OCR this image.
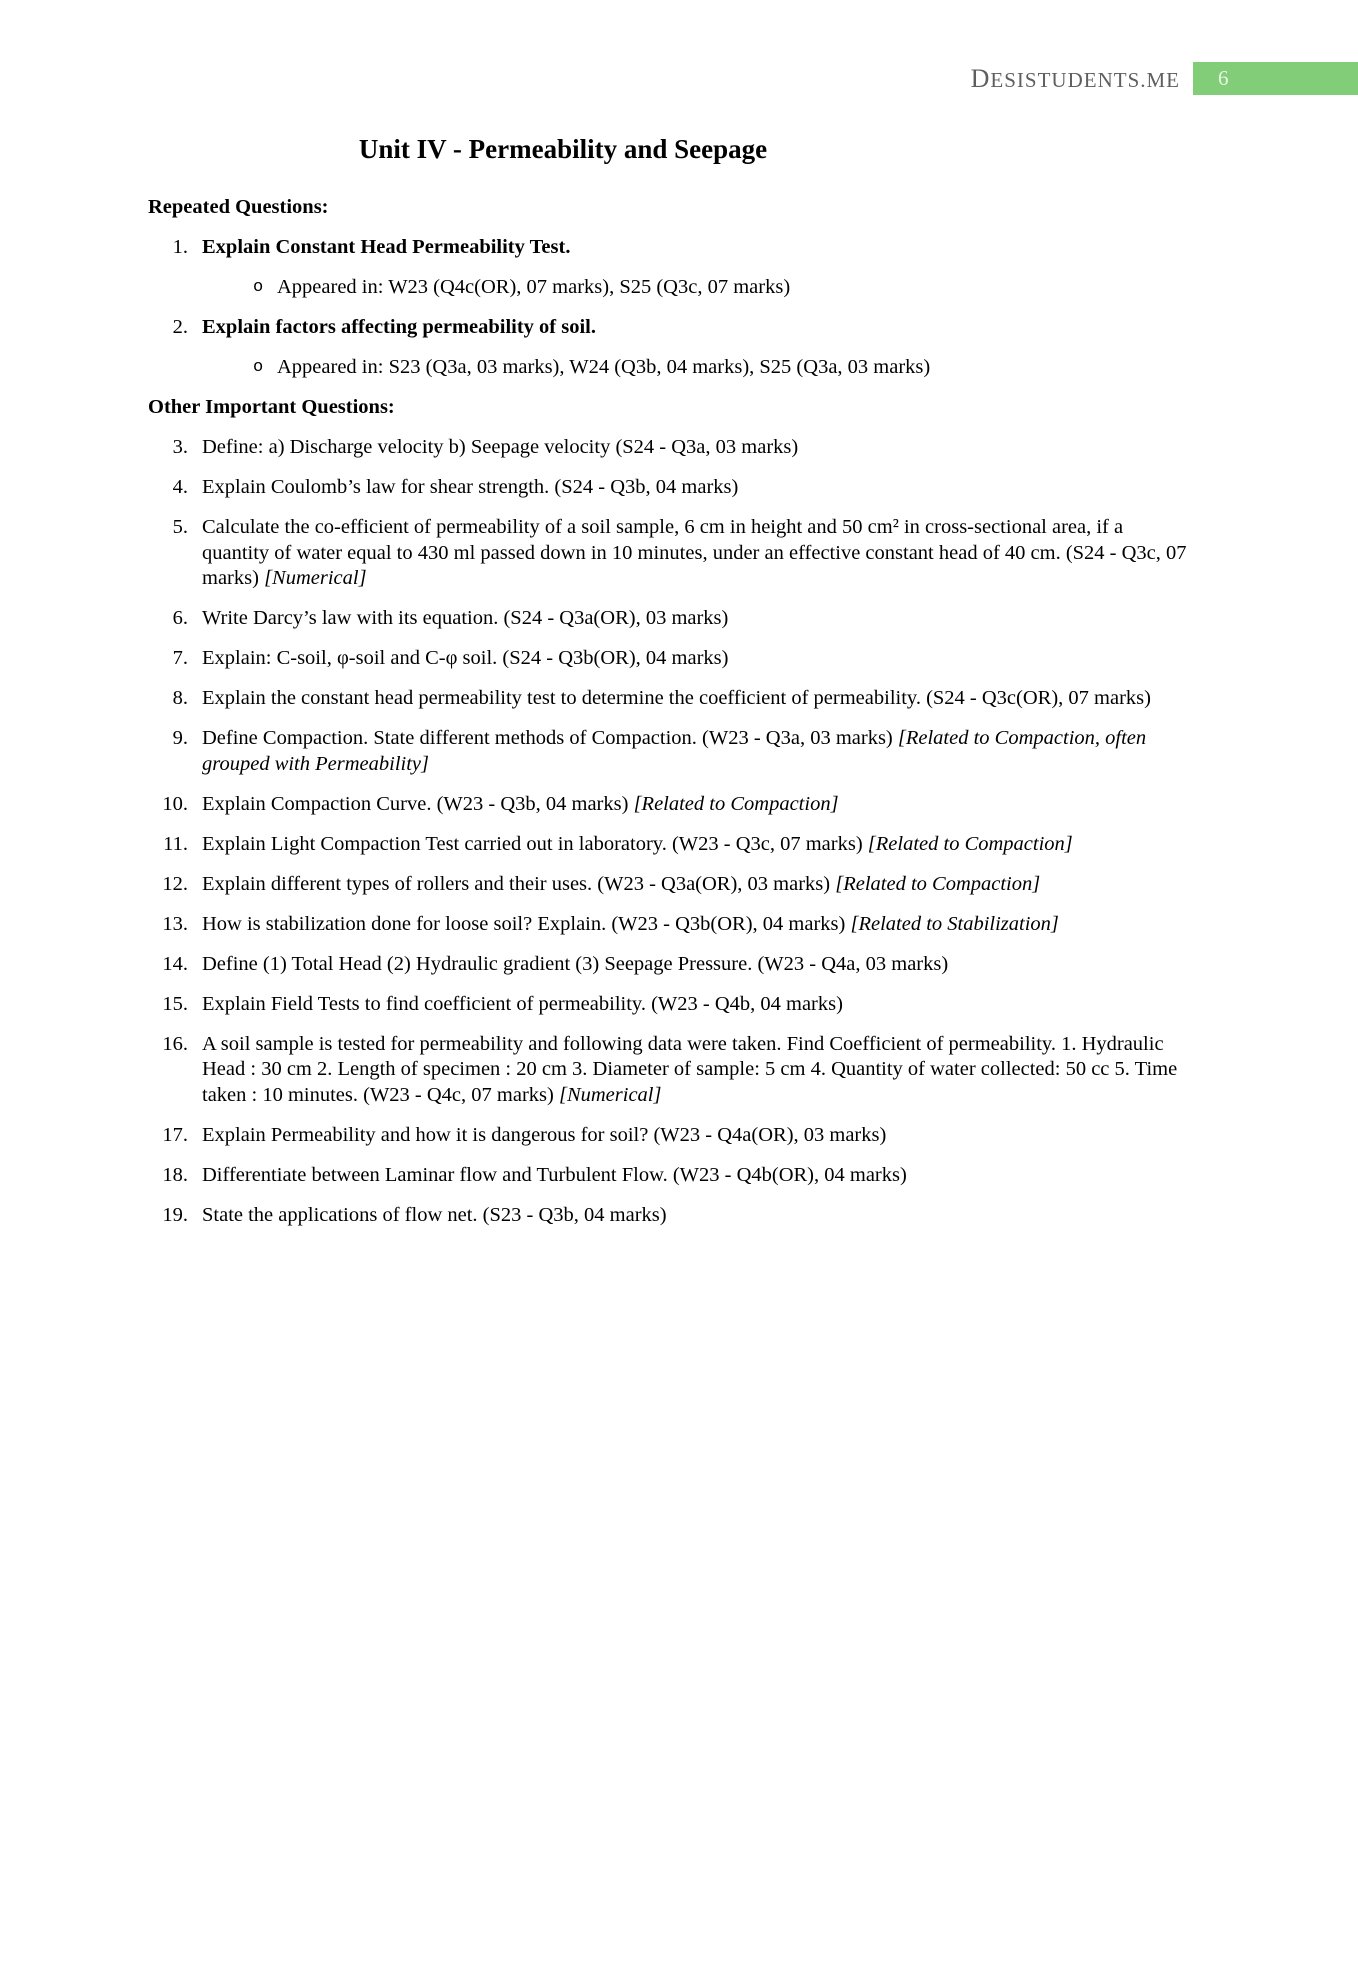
DESISTUDENTS.ME	6
Unit IV - Permeability and Seepage
Repeated Questions:
1. Explain Constant Head Permeability Test.
o Appeared in: W23 (Q4c(OR), 07 marks), S25 (Q3c, 07 marks)
2. Explain factors affecting permeability of soil.
o Appeared in: S23 (Q3a, 03 marks), W24 (Q3b, 04 marks), S25 (Q3a, 03 marks)
Other Important Questions:
3. Define: a) Discharge velocity b) Seepage velocity (S24 - Q3a, 03 marks)
4. Explain Coulomb’s law for shear strength. (S24 - Q3b, 04 marks)
5. Calculate the co-efficient of permeability of a soil sample, 6 cm in height and 50 cm² in cross-sectional area, if a quantity of water equal to 430 ml passed down in 10 minutes, under an effective constant head of 40 cm. (S24 - Q3c, 07 marks) [Numerical]
6. Write Darcy’s law with its equation. (S24 - Q3a(OR), 03 marks)
7. Explain: C-soil, φ-soil and C-φ soil. (S24 - Q3b(OR), 04 marks)
8. Explain the constant head permeability test to determine the coefficient of permeability. (S24 - Q3c(OR), 07 marks)
9. Define Compaction. State different methods of Compaction. (W23 - Q3a, 03 marks) [Related to Compaction, often grouped with Permeability]
10. Explain Compaction Curve. (W23 - Q3b, 04 marks) [Related to Compaction]
11. Explain Light Compaction Test carried out in laboratory. (W23 - Q3c, 07 marks) [Related to Compaction]
12. Explain different types of rollers and their uses. (W23 - Q3a(OR), 03 marks) [Related to Compaction]
13. How is stabilization done for loose soil? Explain. (W23 - Q3b(OR), 04 marks) [Related to Stabilization]
14. Define (1) Total Head (2) Hydraulic gradient (3) Seepage Pressure. (W23 - Q4a, 03 marks)
15. Explain Field Tests to find coefficient of permeability. (W23 - Q4b, 04 marks)
16. A soil sample is tested for permeability and following data were taken. Find Coefficient of permeability. 1. Hydraulic Head : 30 cm 2. Length of specimen : 20 cm 3. Diameter of sample: 5 cm 4. Quantity of water collected: 50 cc 5. Time taken : 10 minutes. (W23 - Q4c, 07 marks) [Numerical]
17. Explain Permeability and how it is dangerous for soil? (W23 - Q4a(OR), 03 marks)
18. Differentiate between Laminar flow and Turbulent Flow. (W23 - Q4b(OR), 04 marks)
19. State the applications of flow net. (S23 - Q3b, 04 marks)
